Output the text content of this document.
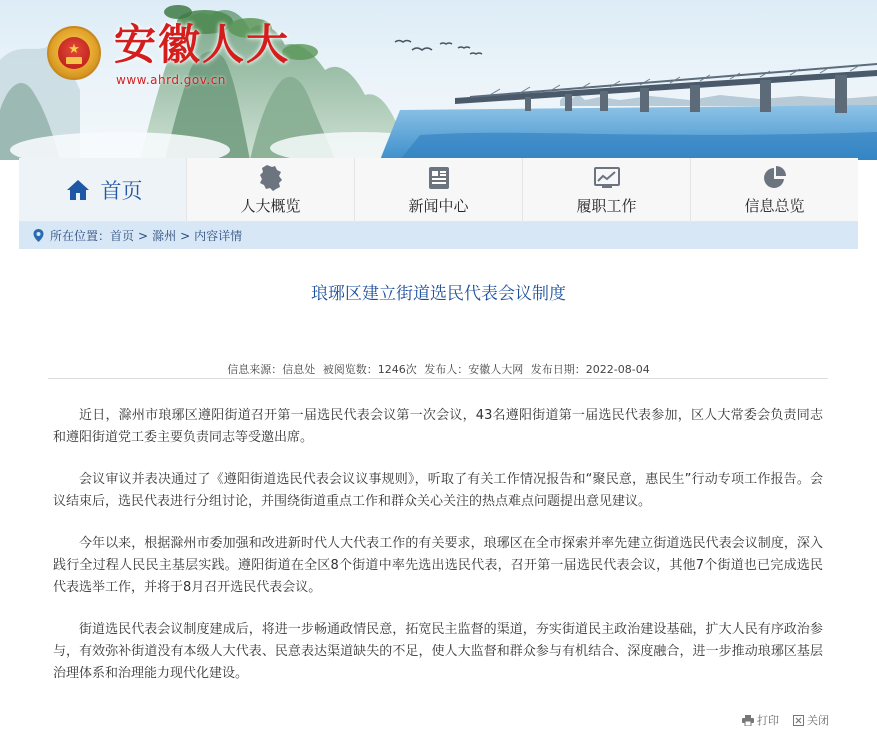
★ 安徽人大
www.ahrd.gov.cn
首页
人大概览	新闻中心	履职工作	信息总览
所在位置： 首页 > 滁州 > 内容详情
琅琊区建立街道选民代表会议制度
信息来源：信息处 被阅览数：1246次 发布人：安徽人大网 发布日期：2022-08-04

近日，滁州市琅琊区遵阳街道召开第一届选民代表会议第一次会议，43名遵阳街道第一届选民代表参加，区人大常委会负责同志和遵阳街道党工委主要负责同志等受邀出席。

会议审议并表决通过了《遵阳街道选民代表会议议事规则》，听取了有关工作情况报告和“聚民意，惠民生”行动专项工作报告。会议结束后，选民代表进行分组讨论，并围绕街道重点工作和群众关心关注的热点难点问题提出意见建议。

今年以来，根据滁州市委加强和改进新时代人大代表工作的有关要求，琅琊区在全市探索并率先建立街道选民代表会议制度，深入践行全过程人民民主基层实践。遵阳街道在全区8个街道中率先选出选民代表，召开第一届选民代表会议，其他7个街道也已完成选民代表选举工作，并将于8月召开选民代表会议。

街道选民代表会议制度建成后，将进一步畅通政情民意，拓宽民主监督的渠道，夯实街道民主政治建设基础，扩大人民有序政治参与，有效弥补街道没有本级人大代表、民意表达渠道缺失的不足，使人大监督和群众参与有机结合、深度融合，进一步推动琅琊区基层治理体系和治理能力现代化建设。

打印	关闭
